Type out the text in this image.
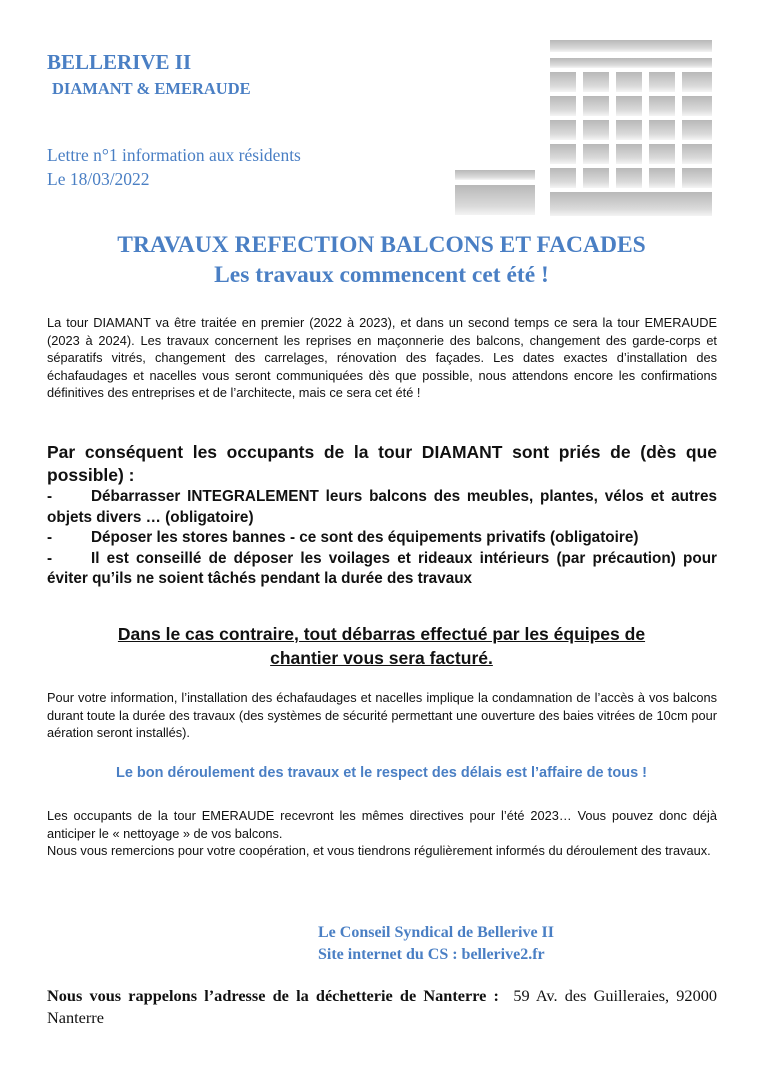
BELLERIVE II
DIAMANT & EMERAUDE
Lettre n°1 information aux résidents
Le 18/03/2022
TRAVAUX REFECTION BALCONS ET FACADES
Les travaux commencent cet été !
La tour DIAMANT va être traitée en premier (2022 à 2023), et dans un second temps ce sera la tour EMERAUDE (2023 à 2024). Les travaux concernent les reprises en maçonnerie des balcons, changement des garde-corps et séparatifs vitrés, changement des carrelages, rénovation des façades. Les dates exactes d’installation des échafaudages et nacelles vous seront communiquées dès que possible, nous attendons encore les confirmations définitives des entreprises et de l’architecte, mais ce sera cet été !
Par conséquent les occupants de la tour DIAMANT sont priés de (dès que possible) :
-	Débarrasser INTEGRALEMENT leurs balcons des meubles, plantes, vélos et autres objets divers … (obligatoire)
-	Déposer les stores bannes - ce sont des équipements privatifs (obligatoire)
-	Il est conseillé de déposer les voilages et rideaux intérieurs (par précaution) pour éviter qu’ils ne soient tâchés pendant la durée des travaux
Dans le cas contraire, tout débarras effectué par les équipes de
chantier vous sera facturé.
Pour votre information, l’installation des échafaudages et nacelles implique la condamnation de l’accès à vos balcons durant toute la durée des travaux (des systèmes de sécurité permettant une ouverture des baies vitrées de 10cm pour aération seront installés).
Le bon déroulement des travaux et le respect des délais est l’affaire de tous !
Les occupants de la tour EMERAUDE recevront les mêmes directives pour l’été 2023… Vous pouvez donc déjà anticiper le « nettoyage » de vos balcons.
Nous vous remercions pour votre coopération, et vous tiendrons régulièrement informés du déroulement des travaux.
Le Conseil Syndical de Bellerive II
Site internet du CS : bellerive2.fr
Nous vous rappelons l’adresse de la déchetterie de Nanterre : 59 Av. des Guilleraies, 92000 Nanterre
